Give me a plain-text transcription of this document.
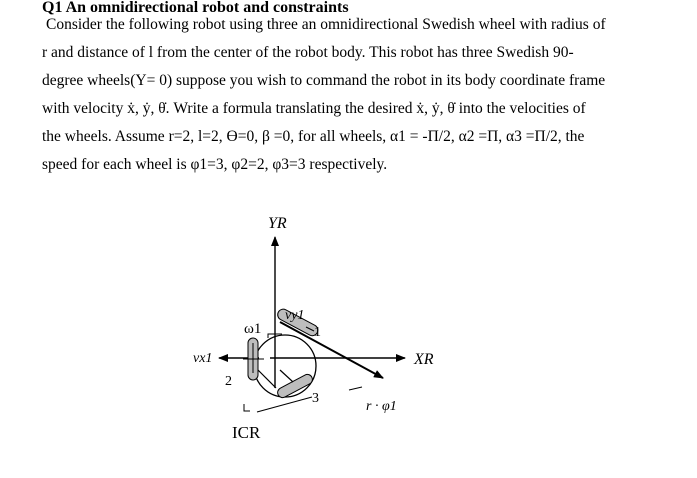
Q1 An omnidirectional robot and constraints
Consider the following robot using three an omnidirectional Swedish wheel with radius of
r and distance of l from the center of the robot body. This robot has three Swedish 90-
degree wheels(Υ= 0) suppose you wish to command the robot in its body coordinate frame
with velocity ẋ, ẏ, θ̇. Write a formula translating the desired ẋ, ẏ, θ̇ into the velocities of
the wheels. Assume r=2, l=2, Ɵ=0, β =0, for all wheels, α1 = -Π/2, α2 =Π, α3 =Π/2, the
speed for each wheel is φ1=3, φ2=2, φ3=3 respectively.
YR
XR
vy1
vx1
ω1	1
2
3
r · φ1
ICR
